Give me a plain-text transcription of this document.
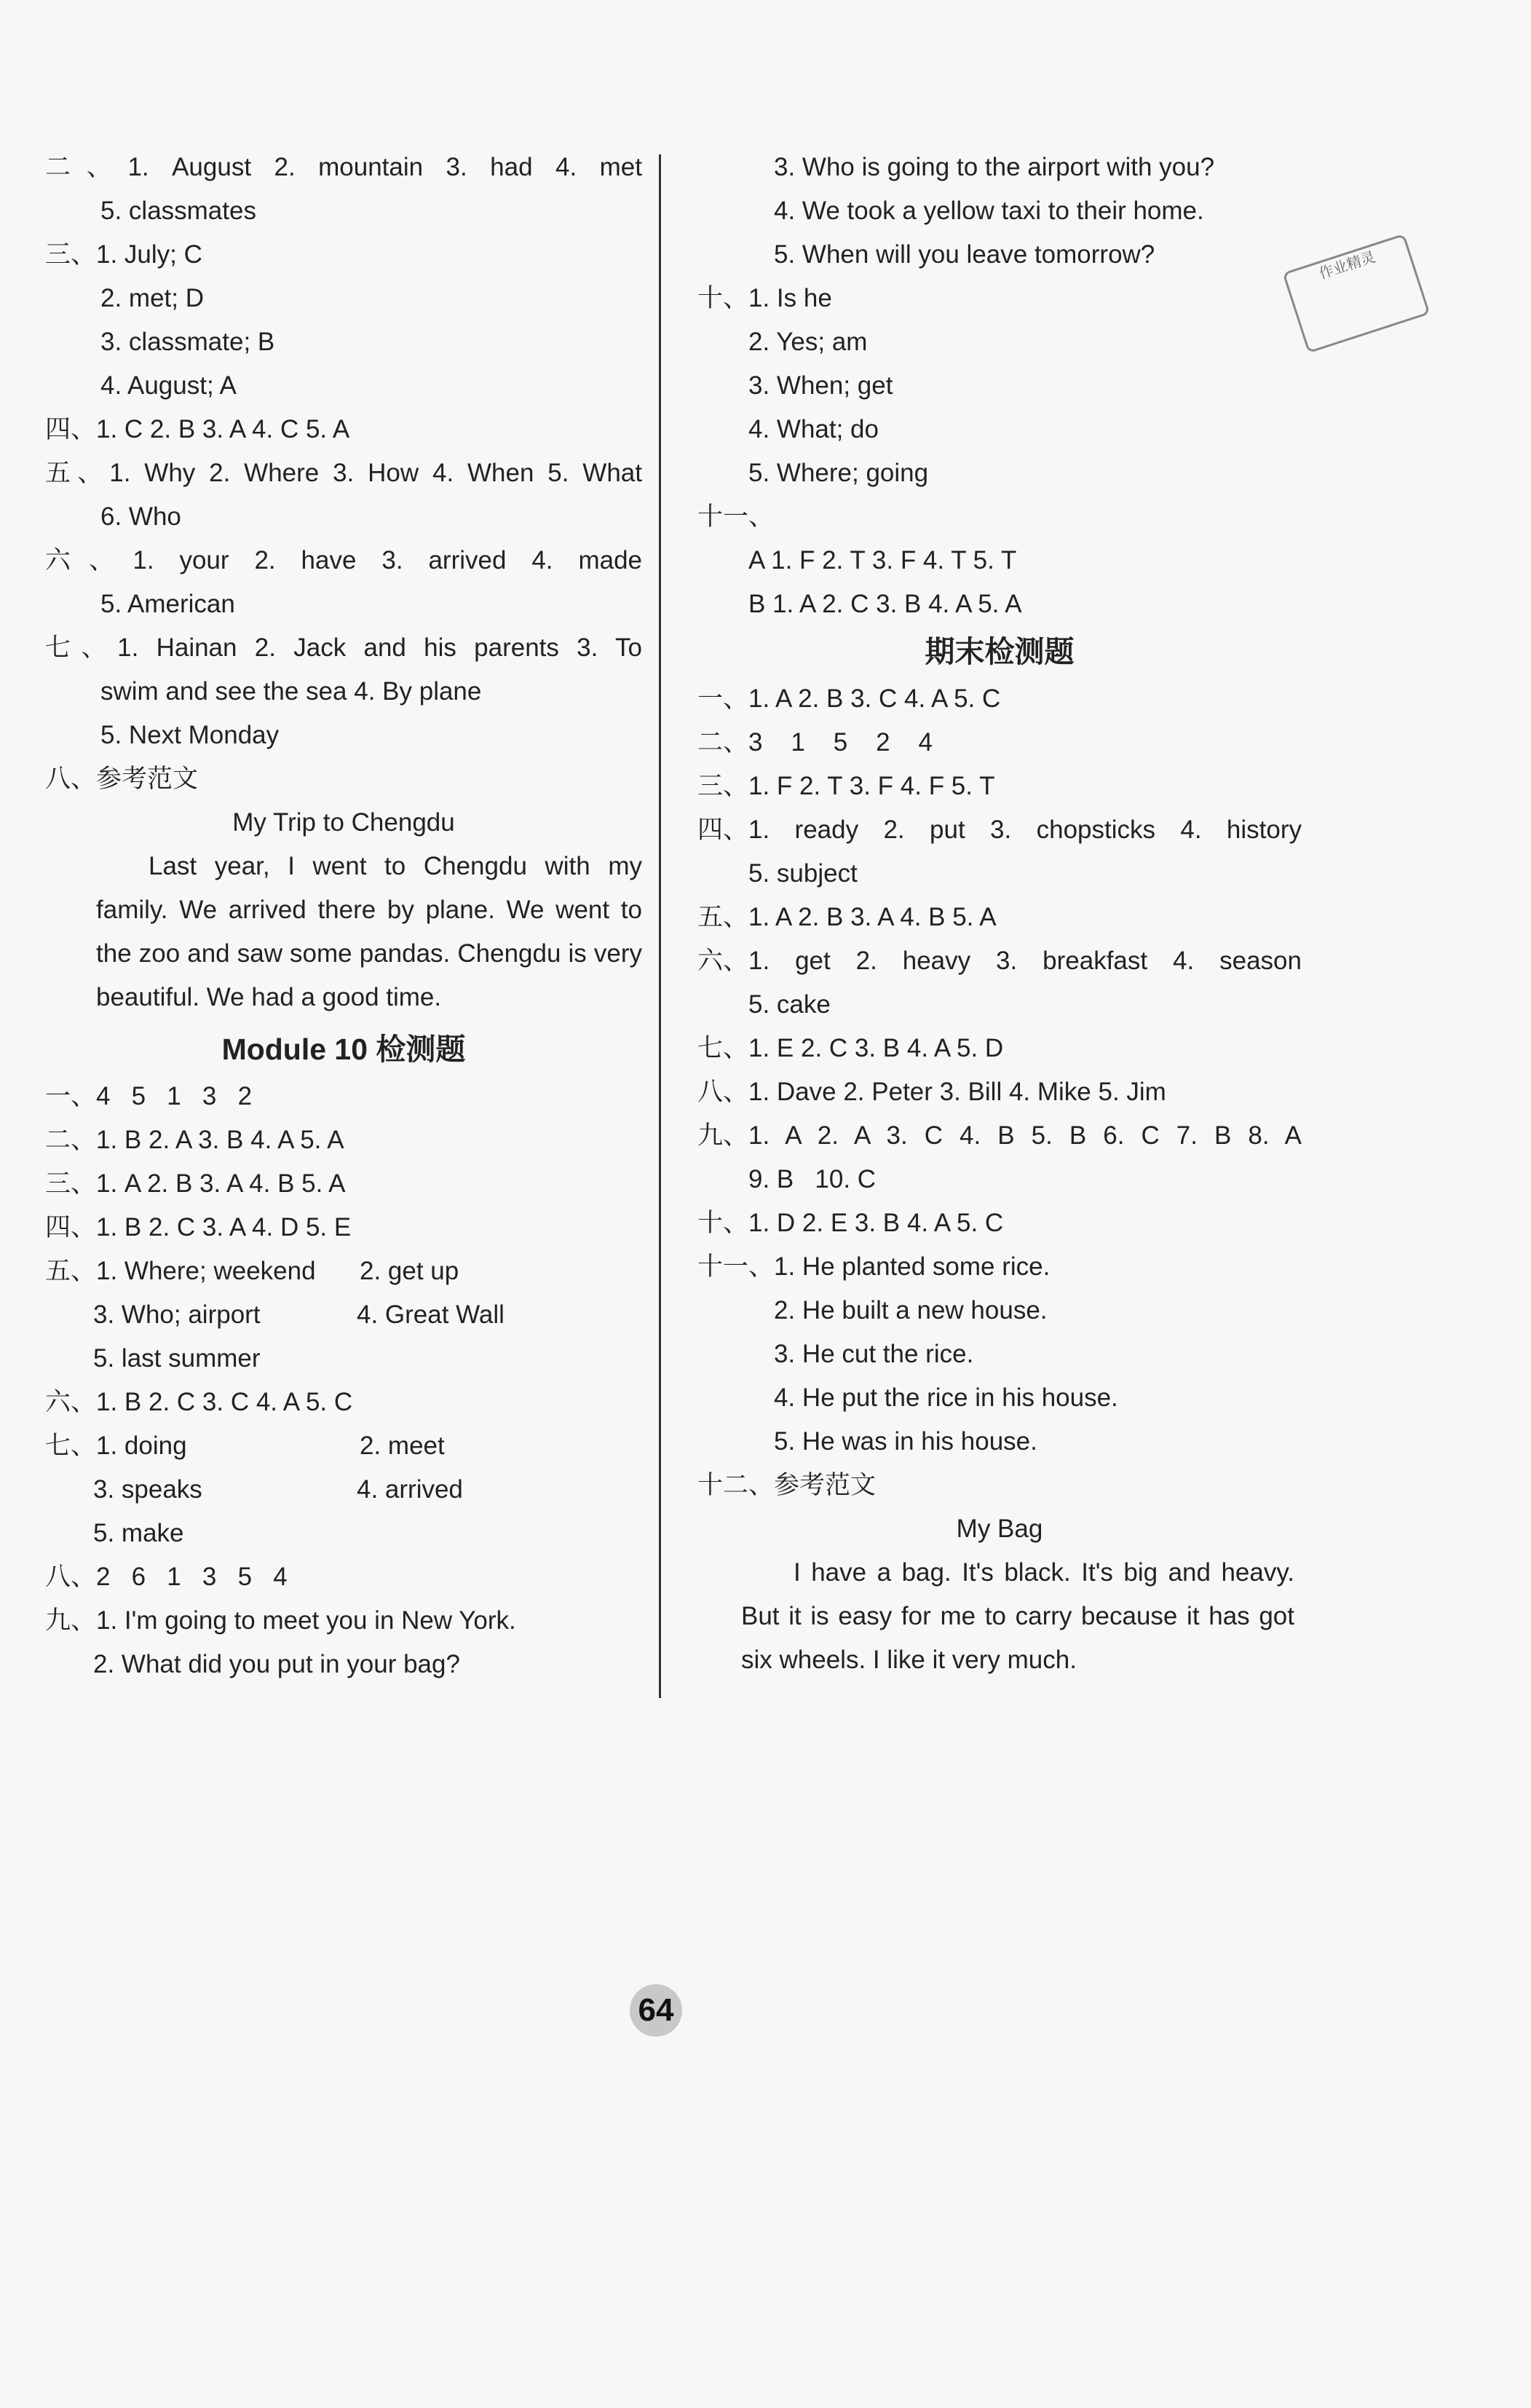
二、1. August 2. mountain 3. had 4. met
5. classmates
三、1. July; C
2. met; D
3. classmate; B
4. August; A
四、1. C 2. B 3. A 4. C 5. A
五、1. Why 2. Where 3. How 4. When 5. What
6. Who
六、1. your 2. have 3. arrived 4. made
5. American
七、1. Hainan 2. Jack and his parents 3. To
swim and see the sea 4. By plane
5. Next Monday
八、参考范文
My Trip to Chengdu
Last year, I went to Chengdu with my family. We arrived there by plane. We went to the zoo and saw some pandas. Chengdu is very beautiful. We had a good time.
Module 10 检测题
一、4   5   1   3   2
二、1. B 2. A 3. B 4. A 5. A
三、1. A 2. B 3. A 4. B 5. A
四、1. B 2. C 3. A 4. D 5. E
五、1. Where; weekend 2. get up
3. Who; airport	4. Great Wall
5. last summer
六、1. B 2. C 3. C 4. A 5. C
七、1. doing	2. meet
3. speaks	4. arrived
5. make
八、2   6   1   3   5   4
九、1. I'm going to meet you in New York.
2. What did you put in your bag?
3. Who is going to the airport with you?
4. We took a yellow taxi to their home.
5. When will you leave tomorrow?
十、1. Is he
2. Yes; am
3. When; get
4. What; do
5. Where; going
十一、
A 1. F 2. T 3. F 4. T 5. T
B 1. A 2. C 3. B 4. A 5. A
期末检测题
一、1. A 2. B 3. C 4. A 5. C
二、3    1    5    2    4
三、1. F 2. T 3. F 4. F 5. T
四、1. ready 2. put 3. chopsticks 4. history
5. subject
五、1. A 2. B 3. A 4. B 5. A
六、1. get 2. heavy 3. breakfast 4. season
5. cake
七、1. E 2. C 3. B 4. A 5. D
八、1. Dave 2. Peter 3. Bill 4. Mike 5. Jim
九、1. A 2. A 3. C 4. B 5. B 6. C 7. B 8. A
9. B   10. C
十、1. D 2. E 3. B 4. A 5. C
十一、1. He planted some rice.
2. He built a new house.
3. He cut the rice.
4. He put the rice in his house.
5. He was in his house.
十二、参考范文
My Bag
I have a bag. It's black. It's big and heavy. But it is easy for me to carry because it has got six wheels. I like it very much.
作业精灵
64
